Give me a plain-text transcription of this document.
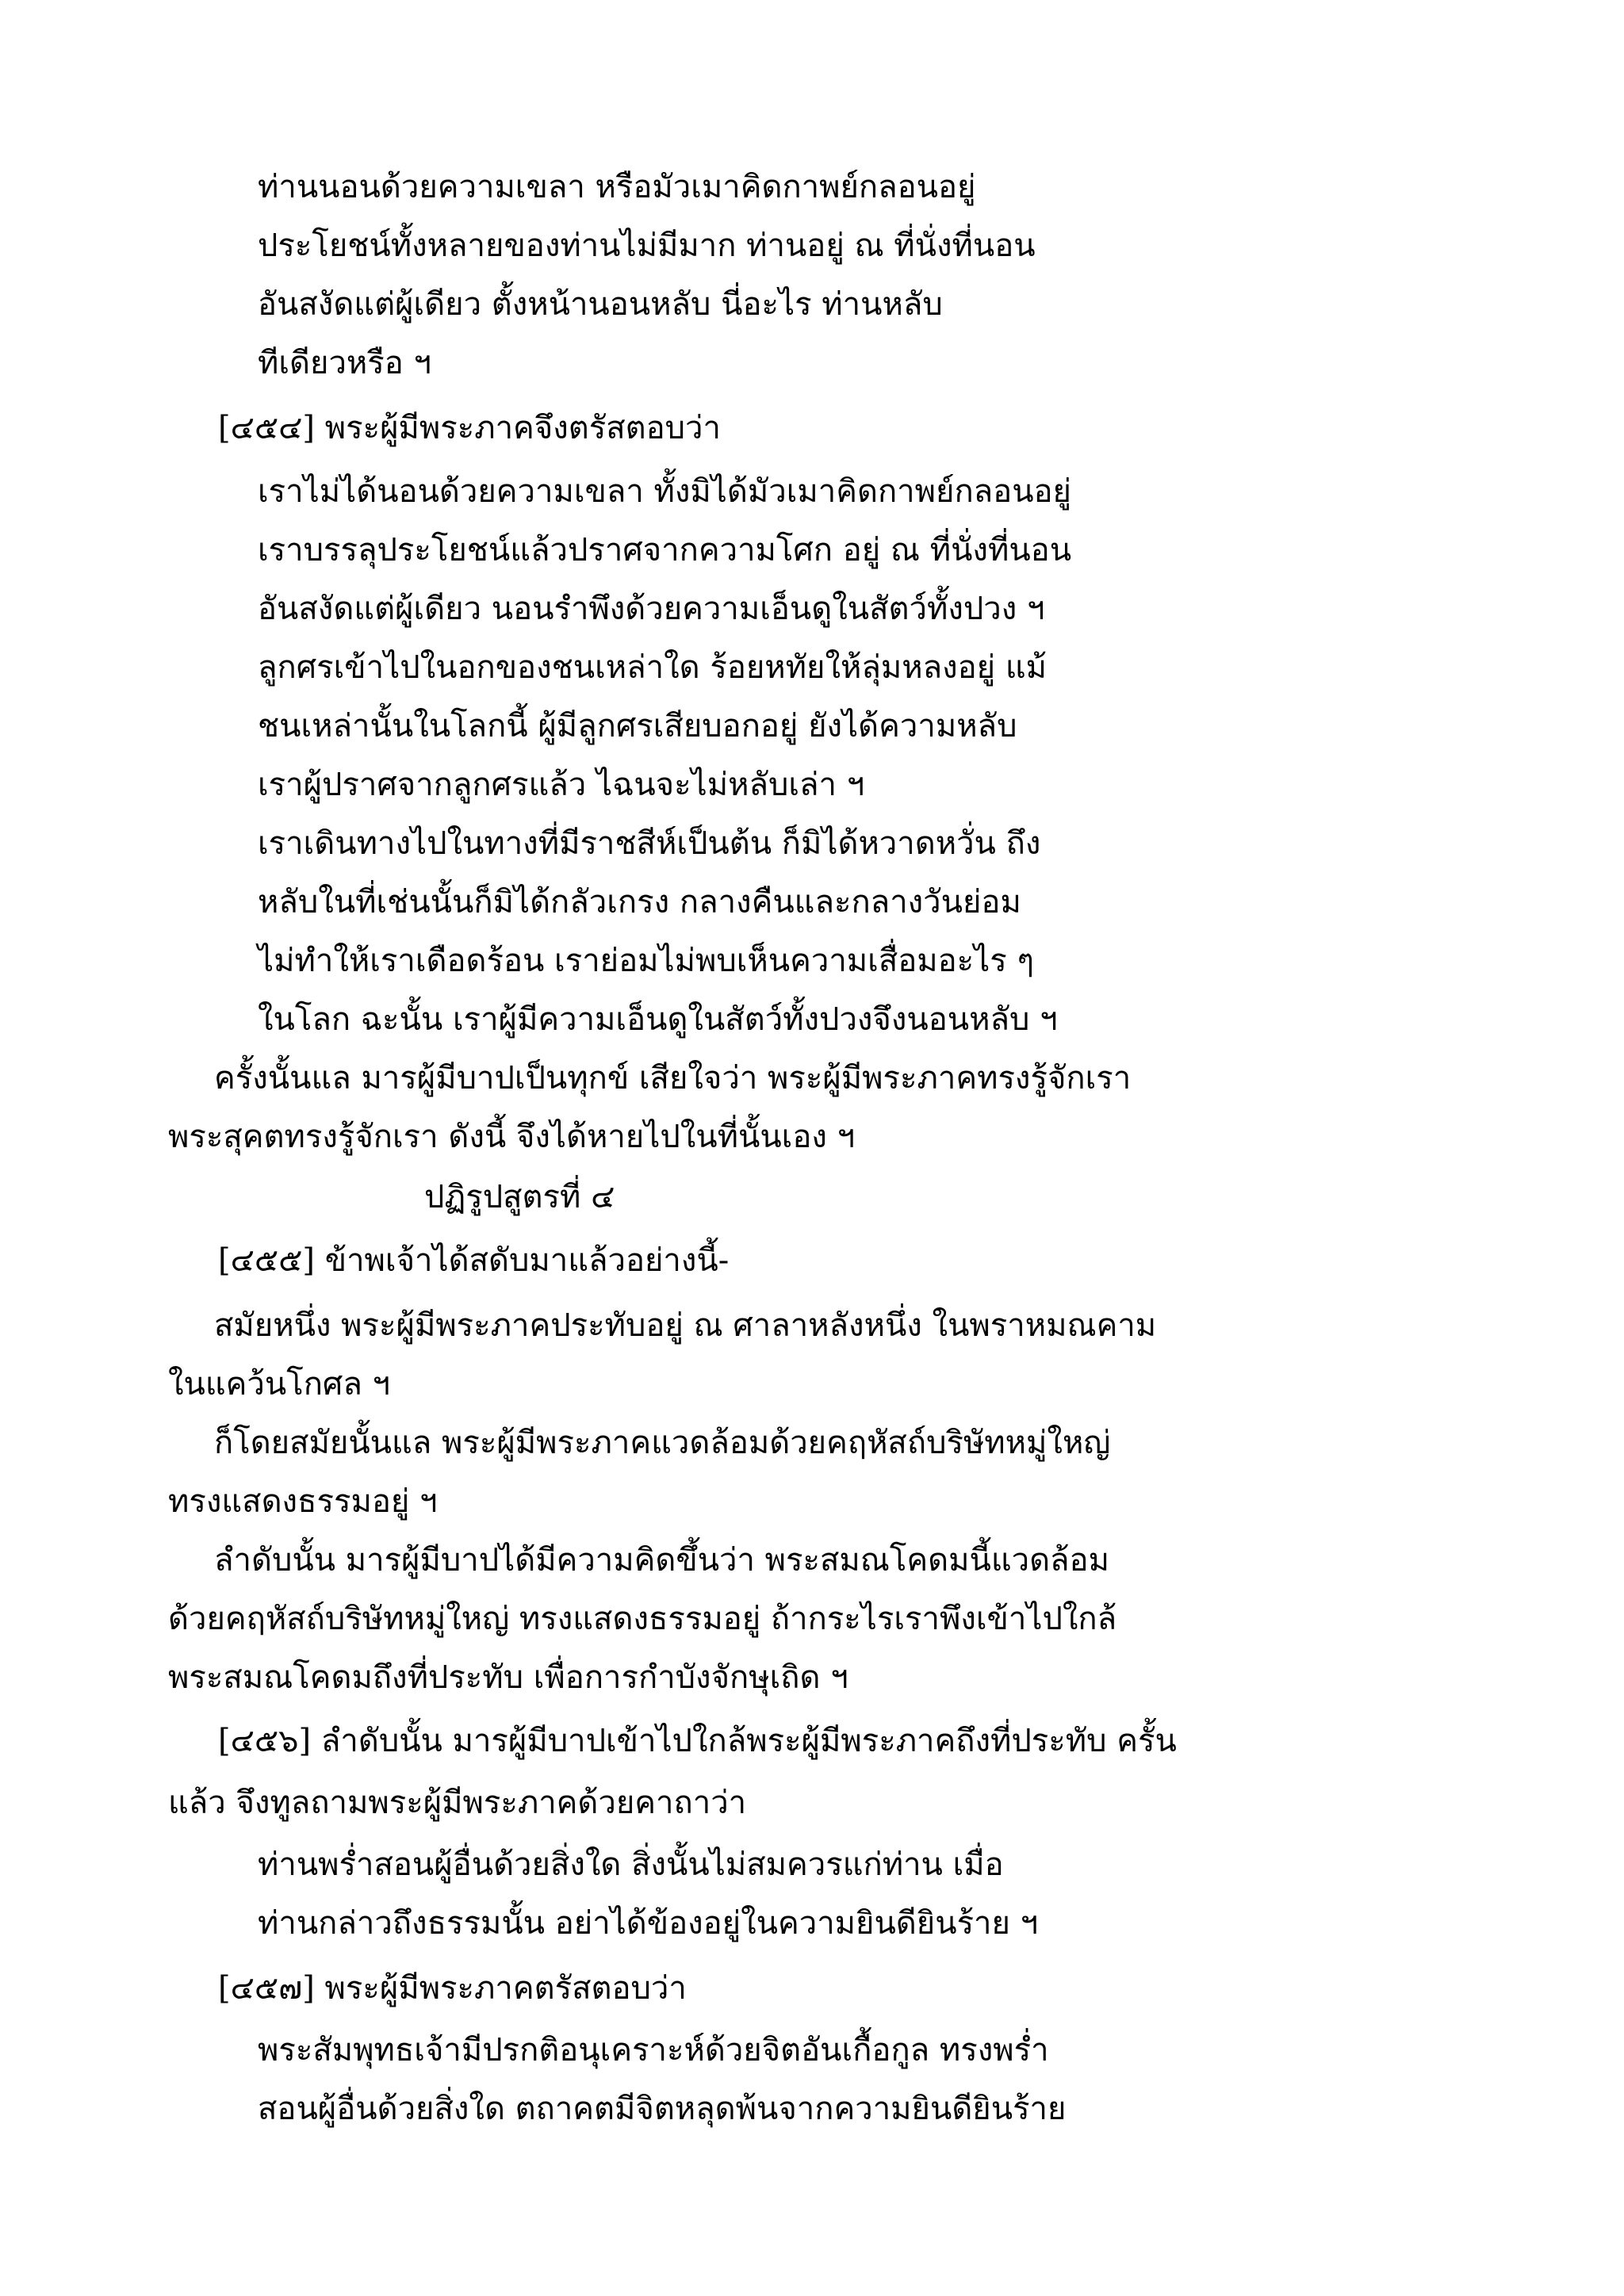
ท่านนอนด้วยความเขลา หรือมัวเมาคิดกาพย์กลอนอยู่
ประโยชน์ทั้งหลายของท่านไม่มีมาก ท่านอยู่ ณ ที่นั่งที่นอน
อันสงัดแต่ผู้เดียว ตั้งหน้านอนหลับ นี่อะไร ท่านหลับ
ทีเดียวหรือ ฯ
[๔๕๔] พระผู้มีพระภาคจึงตรัสตอบว่า
เราไม่ได้นอนด้วยความเขลา ทั้งมิได้มัวเมาคิดกาพย์กลอนอยู่
เราบรรลุประโยชน์แล้วปราศจากความโศก อยู่ ณ ที่นั่งที่นอน
อันสงัดแต่ผู้เดียว นอนรำพึงด้วยความเอ็นดูในสัตว์ทั้งปวง ฯ
ลูกศรเข้าไปในอกของชนเหล่าใด ร้อยหทัยให้ลุ่มหลงอยู่ แม้
ชนเหล่านั้นในโลกนี้ ผู้มีลูกศรเสียบอกอยู่ ยังได้ความหลับ
เราผู้ปราศจากลูกศรแล้ว ไฉนจะไม่หลับเล่า ฯ
เราเดินทางไปในทางที่มีราชสีห์เป็นต้น ก็มิได้หวาดหวั่น ถึง
หลับในที่เช่นนั้นก็มิได้กลัวเกรง กลางคืนและกลางวันย่อม
ไม่ทำให้เราเดือดร้อน เราย่อมไม่พบเห็นความเสื่อมอะไร ๆ
ในโลก ฉะนั้น เราผู้มีความเอ็นดูในสัตว์ทั้งปวงจึงนอนหลับ ฯ
ครั้งนั้นแล มารผู้มีบาปเป็นทุกข์ เสียใจว่า พระผู้มีพระภาคทรงรู้จักเรา
พระสุคตทรงรู้จักเรา ดังนี้ จึงได้หายไปในที่นั้นเอง ฯ
ปฏิรูปสูตรที่ ๔
[๔๕๕] ข้าพเจ้าได้สดับมาแล้วอย่างนี้-
สมัยหนึ่ง พระผู้มีพระภาคประทับอยู่ ณ ศาลาหลังหนึ่ง ในพราหมณคาม
ในแคว้นโกศล ฯ
ก็โดยสมัยนั้นแล พระผู้มีพระภาคแวดล้อมด้วยคฤหัสถ์บริษัทหมู่ใหญ่
ทรงแสดงธรรมอยู่ ฯ
ลำดับนั้น มารผู้มีบาปได้มีความคิดขึ้นว่า พระสมณโคดมนี้แวดล้อม
ด้วยคฤหัสถ์บริษัทหมู่ใหญ่ ทรงแสดงธรรมอยู่ ถ้ากระไรเราพึงเข้าไปใกล้
พระสมณโคดมถึงที่ประทับ เพื่อการกำบังจักษุเถิด ฯ
[๔๕๖] ลำดับนั้น มารผู้มีบาปเข้าไปใกล้พระผู้มีพระภาคถึงที่ประทับ ครั้น
แล้ว จึงทูลถามพระผู้มีพระภาคด้วยคาถาว่า
ท่านพร่ำสอนผู้อื่นด้วยสิ่งใด สิ่งนั้นไม่สมควรแก่ท่าน เมื่อ
ท่านกล่าวถึงธรรมนั้น อย่าได้ข้องอยู่ในความยินดียินร้าย ฯ
[๔๕๗] พระผู้มีพระภาคตรัสตอบว่า
พระสัมพุทธเจ้ามีปรกติอนุเคราะห์ด้วยจิตอันเกื้อกูล ทรงพร่ำ
สอนผู้อื่นด้วยสิ่งใด ตถาคตมีจิตหลุดพ้นจากความยินดียินร้าย
